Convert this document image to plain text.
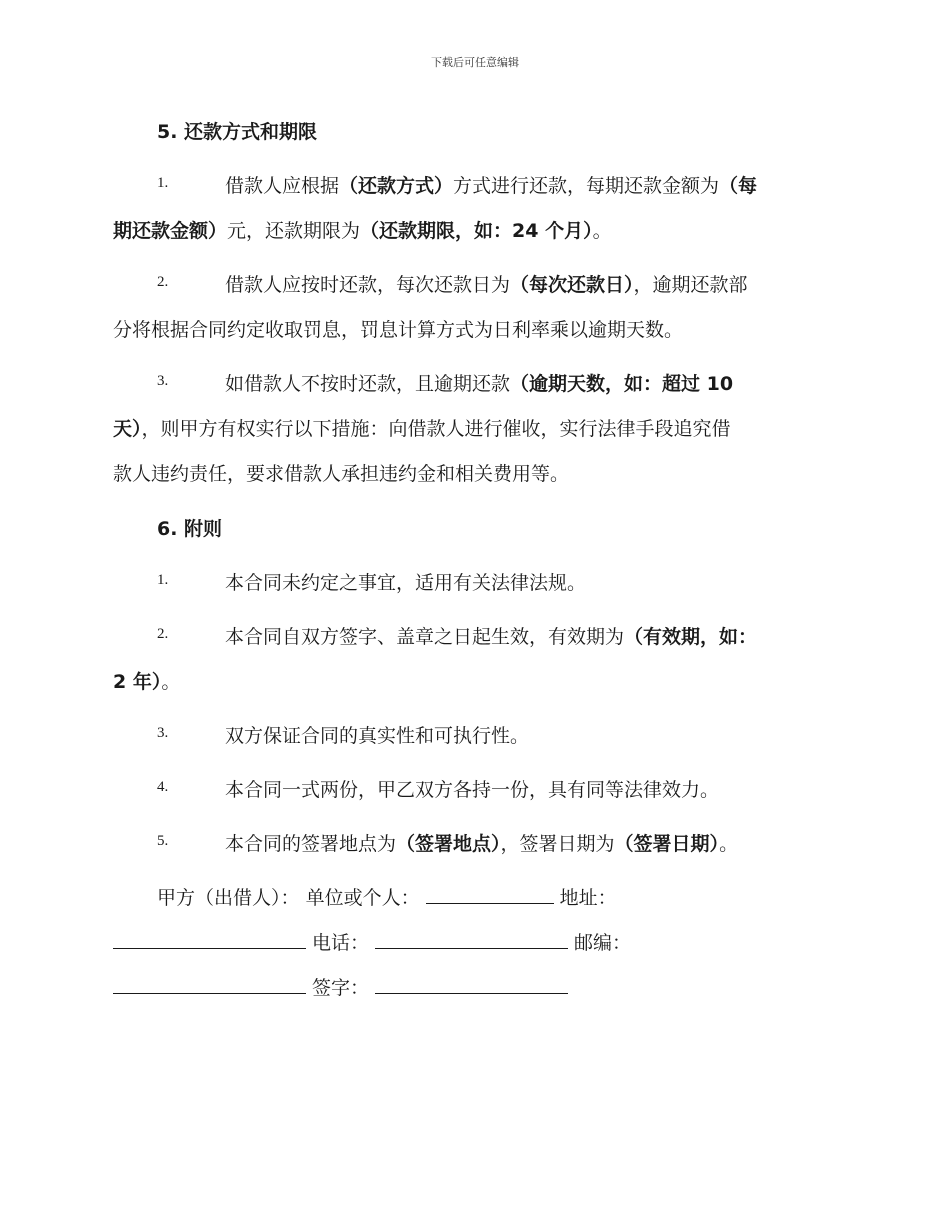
下载后可任意编辑
5. 还款方式和期限
1.	借款人应根据（还款方式）方式进行还款，每期还款金额为（每
期还款金额）元，还款期限为（还款期限，如：24 个月）。
2.	借款人应按时还款，每次还款日为（每次还款日），逾期还款部
分将根据合同约定收取罚息，罚息计算方式为日利率乘以逾期天数。
3.	如借款人不按时还款，且逾期还款（逾期天数，如：超过 10
天），则甲方有权实行以下措施：向借款人进行催收，实行法律手段追究借
款人违约责任，要求借款人承担违约金和相关费用等。
6. 附则
1.	本合同未约定之事宜，适用有关法律法规。
2.	本合同自双方签字、盖章之日起生效，有效期为（有效期，如：
2 年）。
3.	双方保证合同的真实性和可执行性。
4.	本合同一式两份，甲乙双方各持一份，具有同等法律效力。
5.	本合同的签署地点为（签署地点），签署日期为（签署日期）。
甲方（出借人）： 单位或个人：	地址：
电话：	邮编：
签字：
